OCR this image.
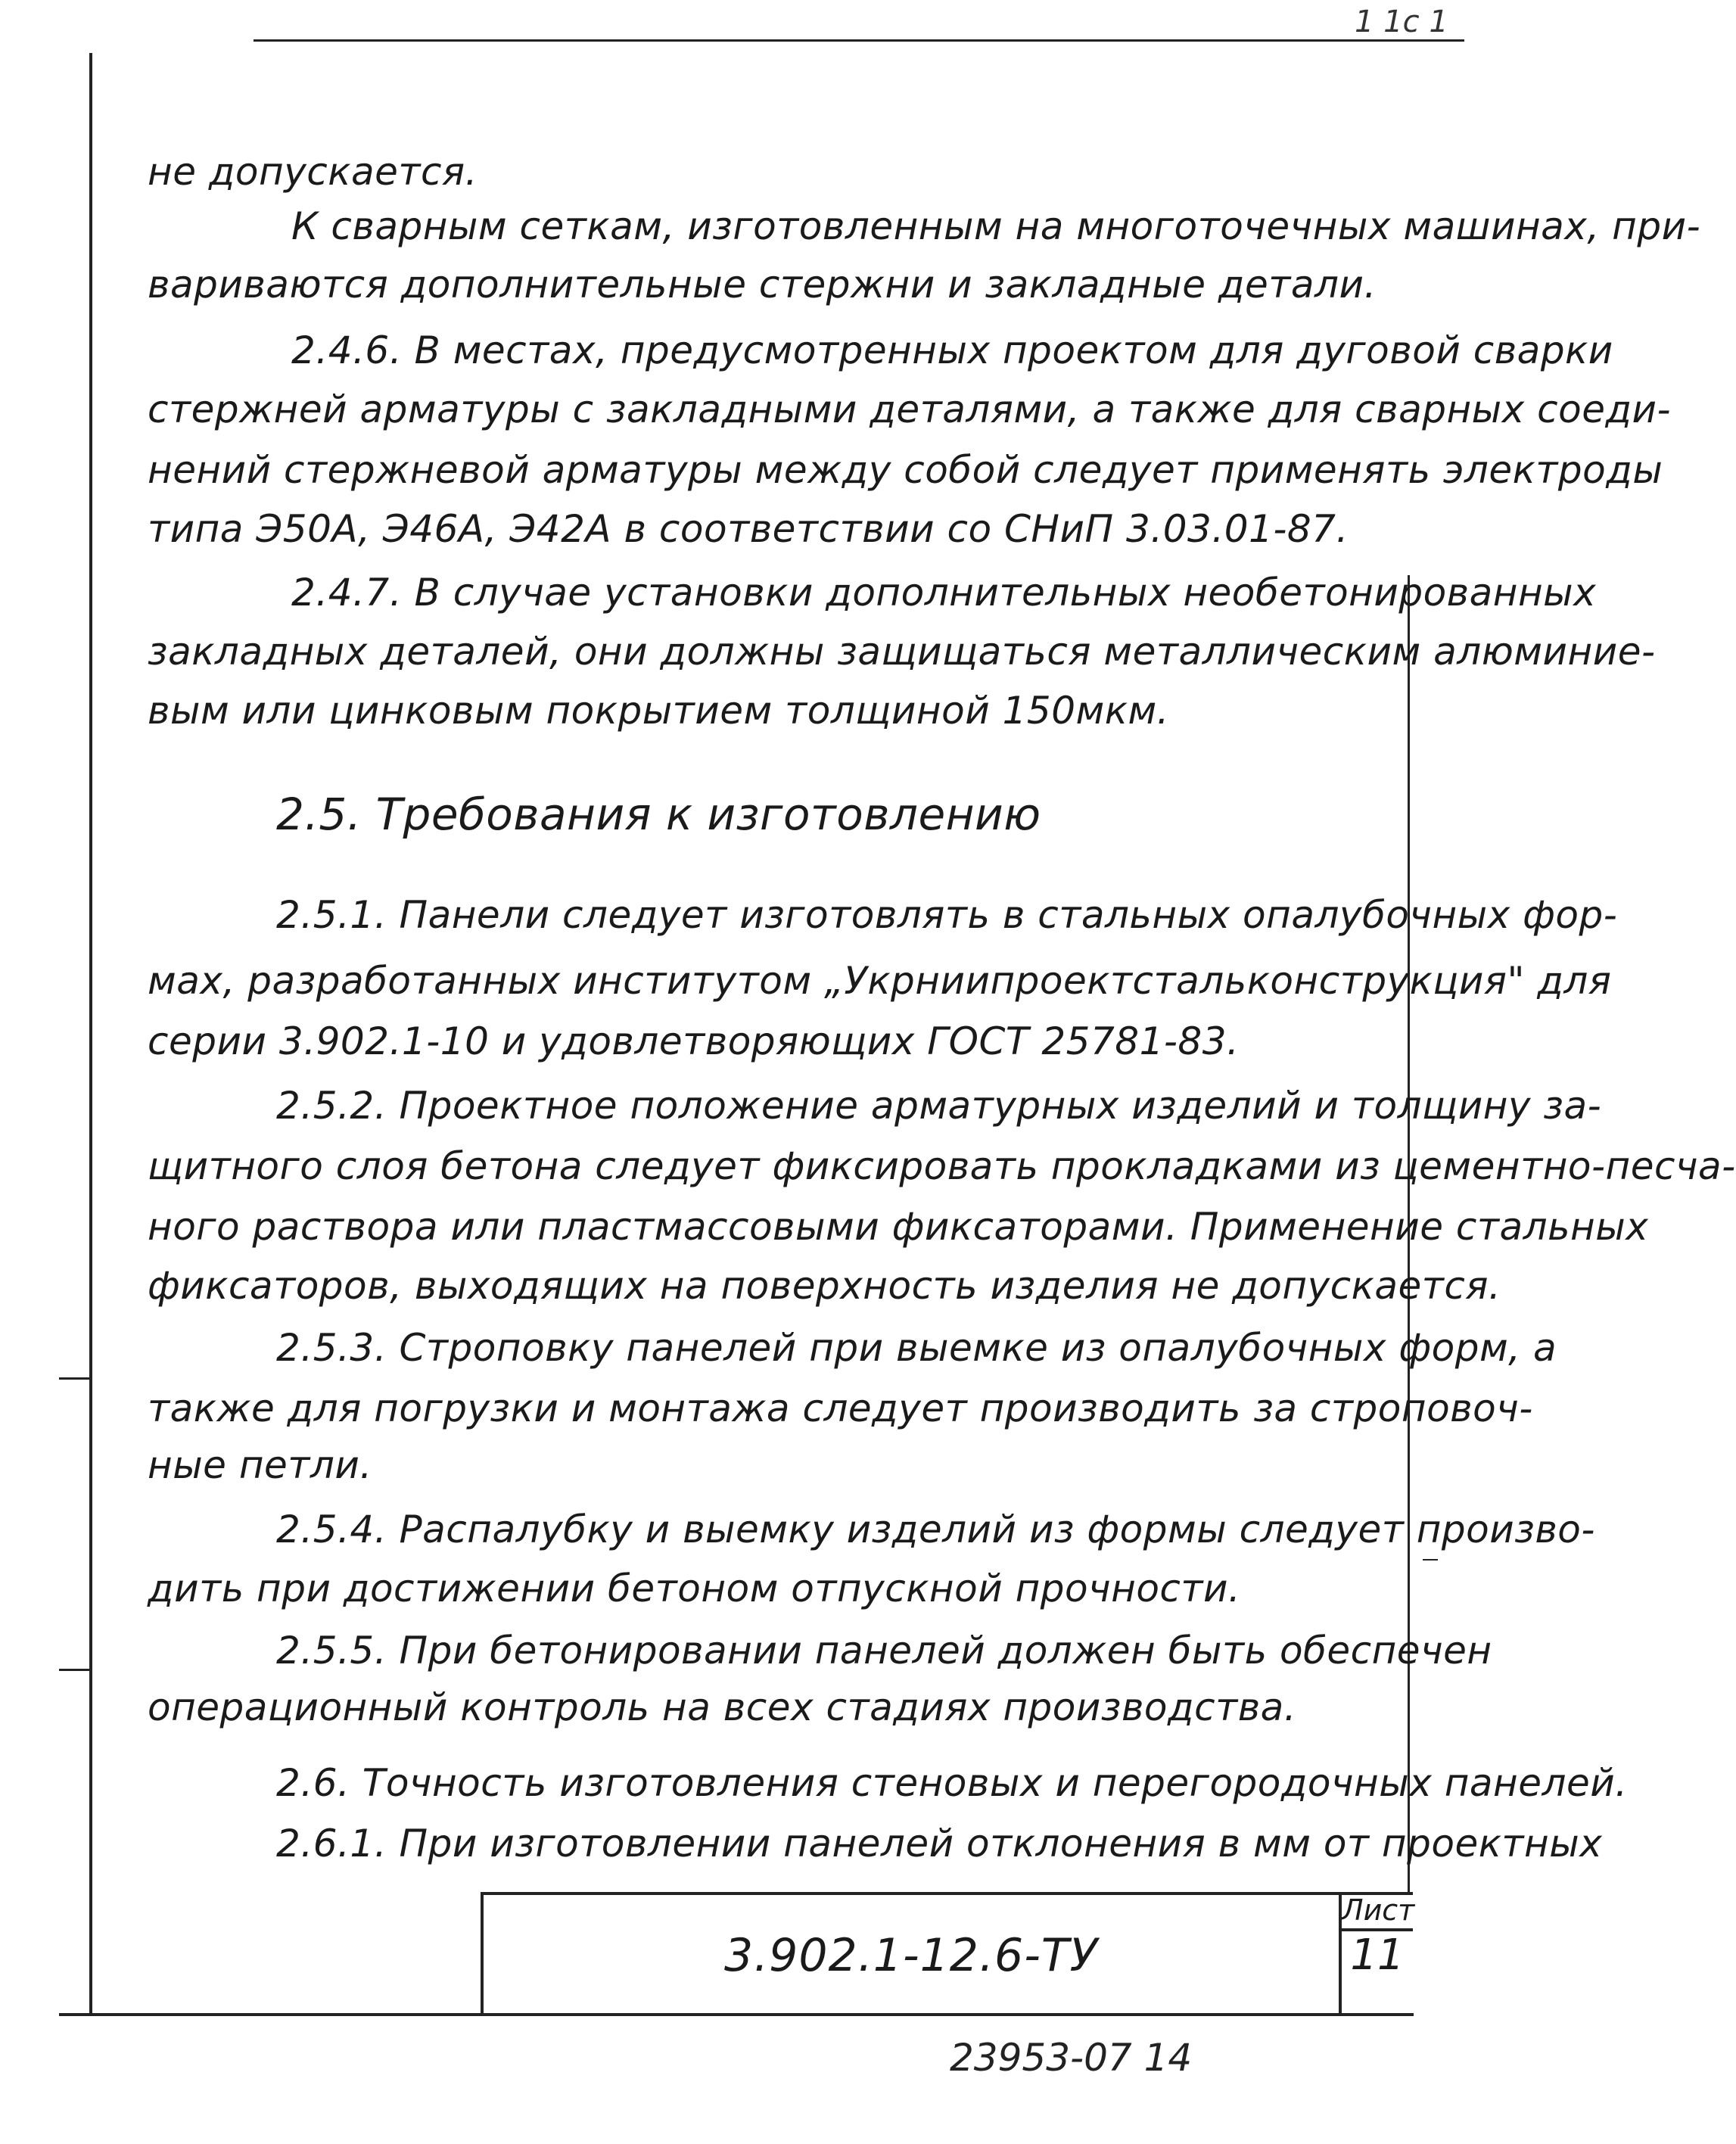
1 1c 1
не допускается.
К сварным сеткам, изготовленным на многоточечных машинах, при-
вариваются дополнительные стержни и закладные детали.
2.4.6. В местах, предусмотренных проектом для дуговой сварки
стержней арматуры с закладными деталями, а также для сварных соеди-
нений стержневой арматуры между собой следует применять электроды
типа Э50А, Э46А, Э42А в соответствии со СНиП 3.03.01-87.
2.4.7. В случае установки дополнительных необетонированных
закладных деталей, они должны защищаться металлическим алюминие-
вым или цинковым покрытием толщиной 150мкм.
2.5. Требования к изготовлению
2.5.1. Панели следует изготовлять в стальных опалубочных фор-
мах, разработанных институтом „Укрниипроектстальконструкция" для
серии 3.902.1-10 и удовлетворяющих ГОСТ 25781-83.
2.5.2. Проектное положение арматурных изделий и толщину за-
щитного слоя бетона следует фиксировать прокладками из цементно-песча-
ного раствора или пластмассовыми фиксаторами. Применение стальных
фиксаторов, выходящих на поверхность изделия не допускается.
2.5.3. Строповку панелей при выемке из опалубочных форм, а
также для погрузки и монтажа следует производить за строповоч-
ные петли.
2.5.4. Распалубку и выемку изделий из формы следует произво-
дить при достижении бетоном отпускной прочности.
2.5.5. При бетонировании панелей должен быть обеспечен
операционный контроль на всех стадиях производства.
2.6. Точность изготовления стеновых и перегородочных панелей.
2.6.1. При изготовлении панелей отклонения в мм от проектных
3.902.1-12.6-ТУ
Лист
11
23953-07 14
